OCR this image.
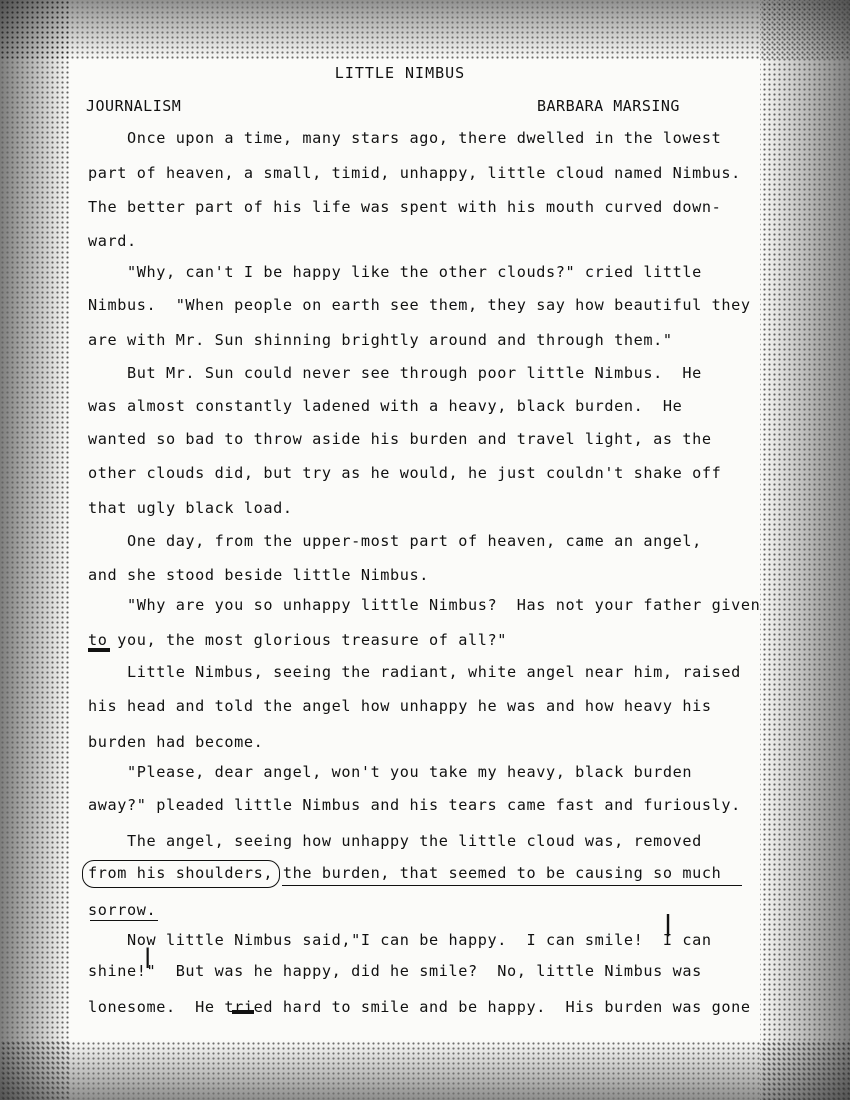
LITTLE NIMBUS
JOURNALISM	BARBARA MARSING
Once upon a time, many stars ago, there dwelled in the lowest
part of heaven, a small, timid, unhappy, little cloud named Nimbus.
The better part of his life was spent with his mouth curved down-
ward.
"Why, can't I be happy like the other clouds?" cried little
Nimbus.  "When people on earth see them, they say how beautiful they
are with Mr. Sun shinning brightly around and through them."
But Mr. Sun could never see through poor little Nimbus.  He
was almost constantly ladened with a heavy, black burden.  He
wanted so bad to throw aside his burden and travel light, as the
other clouds did, but try as he would, he just couldn't shake off
that ugly black load.
One day, from the upper-most part of heaven, came an angel,
and she stood beside little Nimbus.
"Why are you so unhappy little Nimbus?  Has not your father given
to you, the most glorious treasure of all?"
Little Nimbus, seeing the radiant, white angel near him, raised
his head and told the angel how unhappy he was and how heavy his
burden had become.
"Please, dear angel, won't you take my heavy, black burden
away?" pleaded little Nimbus and his tears came fast and furiously.
The angel, seeing how unhappy the little cloud was, removed
from his shoulders, the burden, that seemed to be causing so much
sorrow.
Now little Nimbus said,"I can be happy.  I can smile!  I can
shine!"  But was he happy, did he smile?  No, little Nimbus was
lonesome.  He tried hard to smile and be happy.  His burden was gone
|
|
